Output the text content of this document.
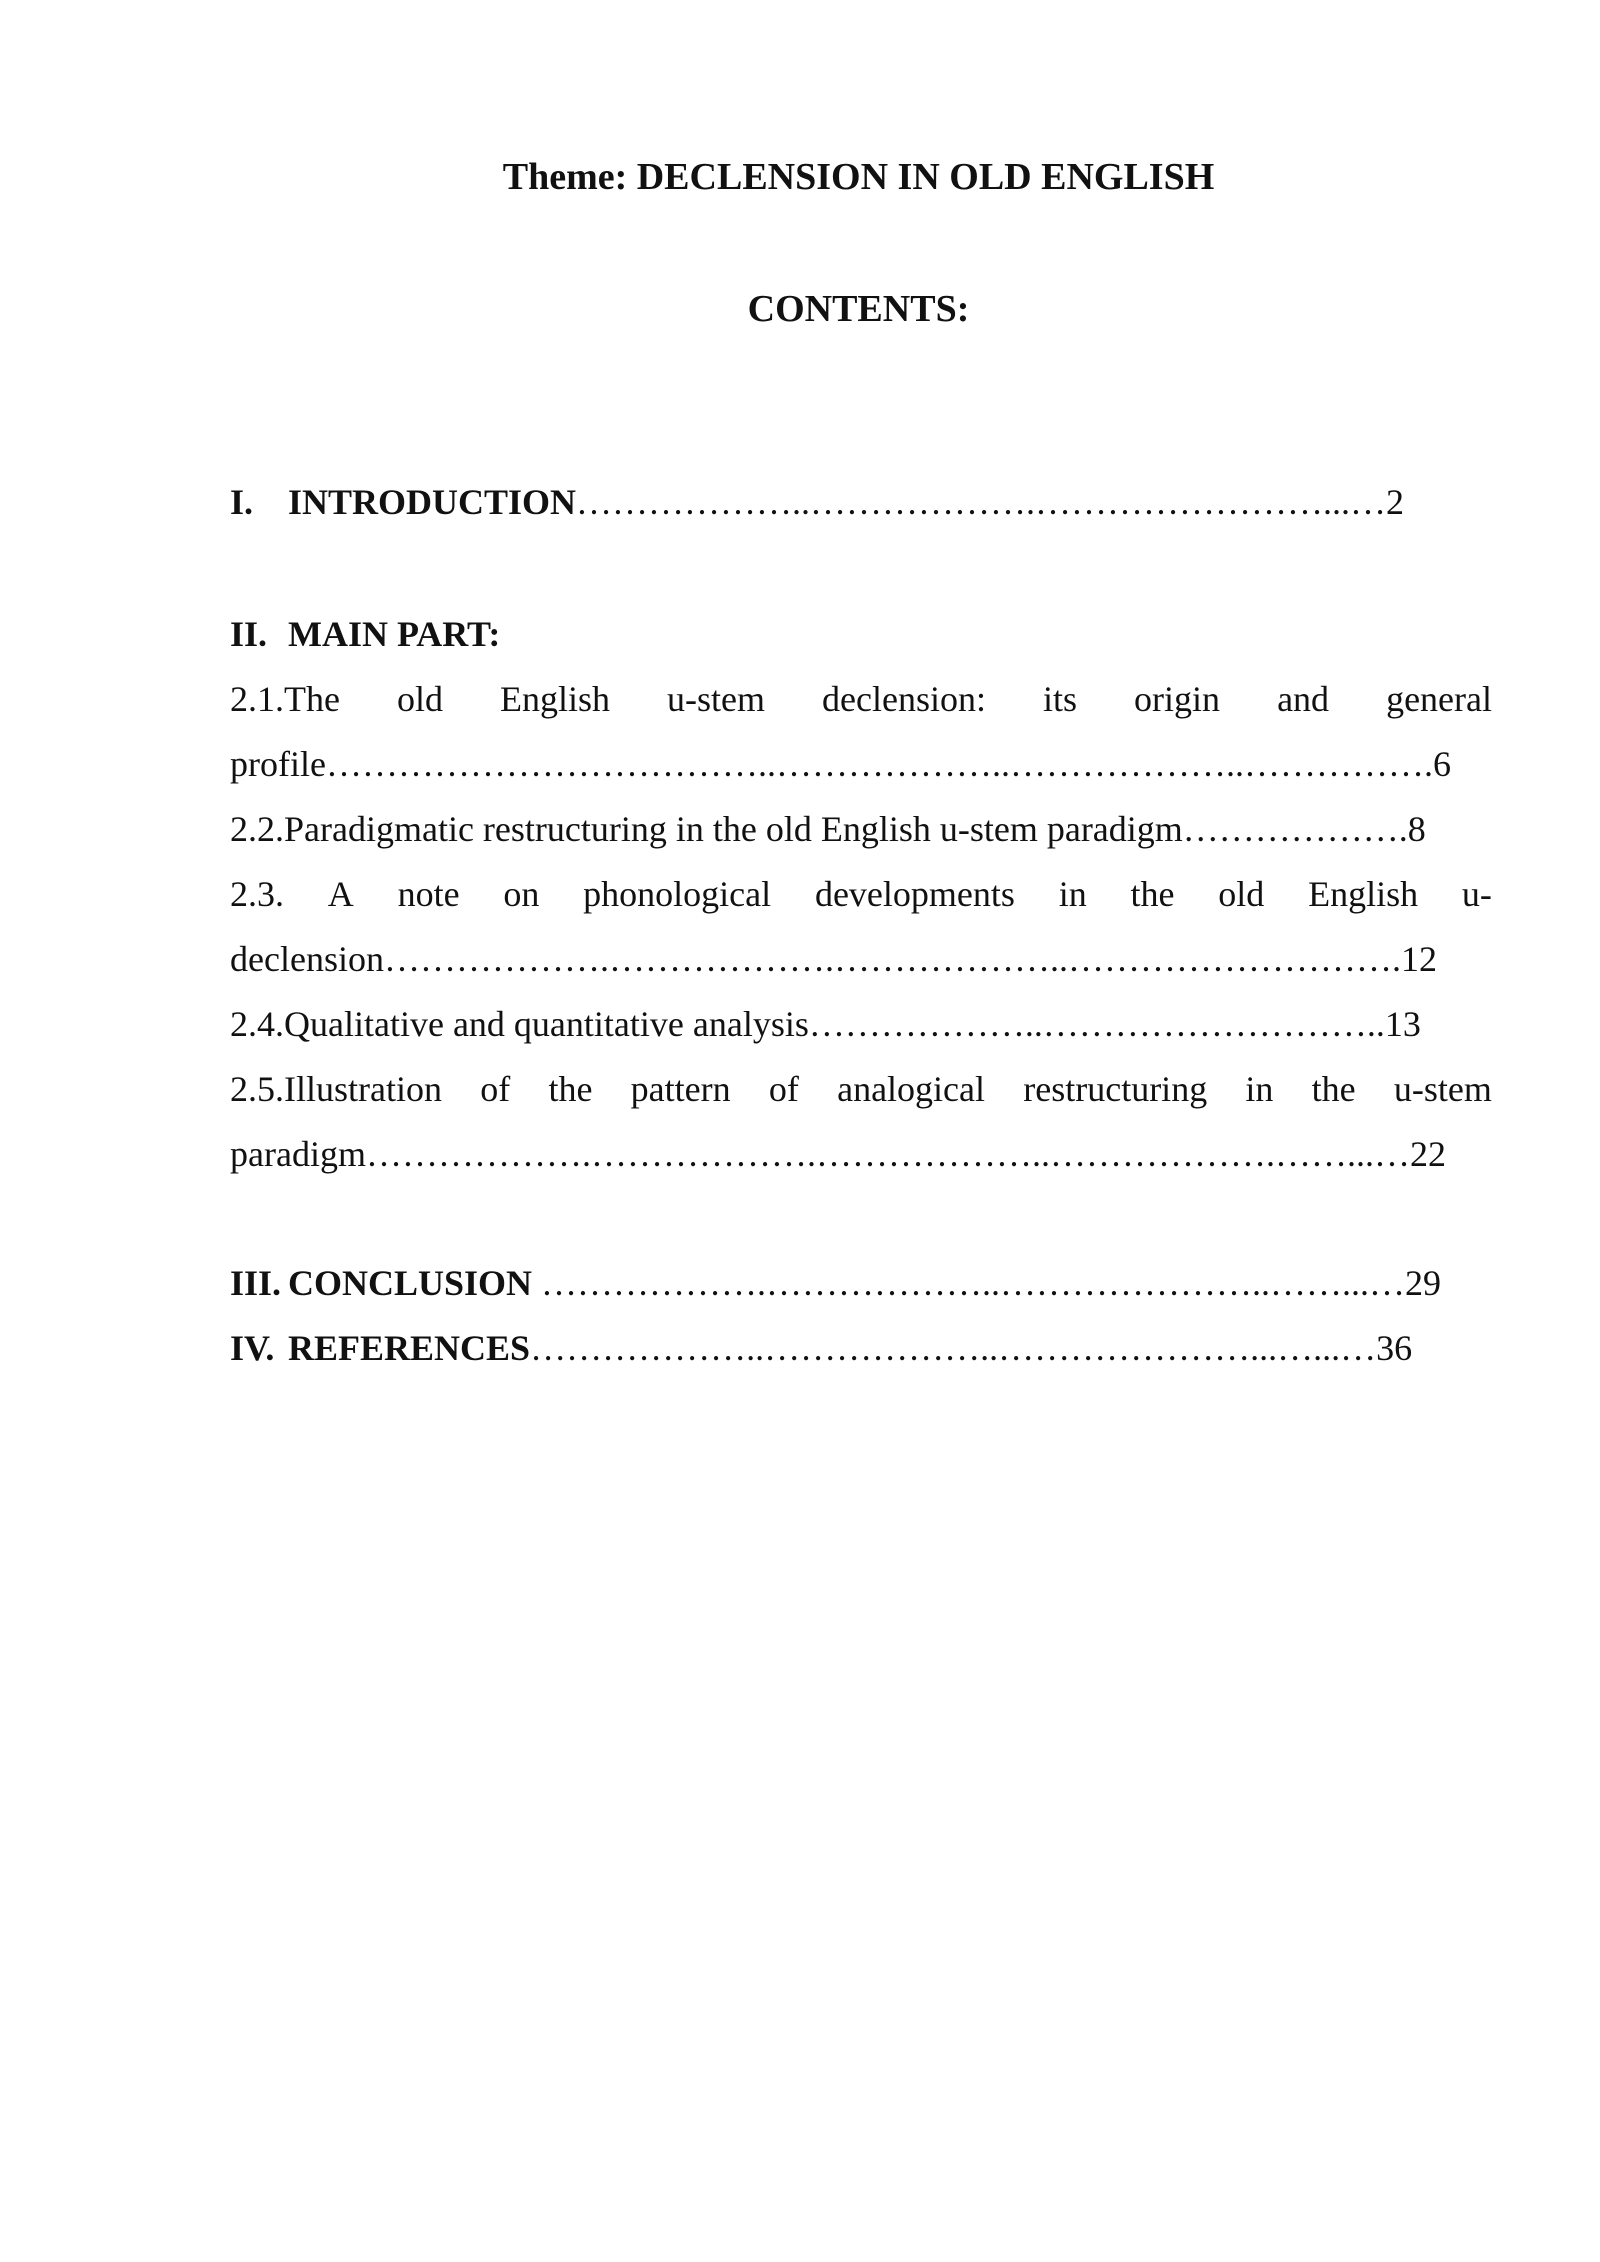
Theme: DECLENSION IN OLD ENGLISH
CONTENTS:
I. INTRODUCTION………………..……………….……………………...…2
II. MAIN PART:
2.1.The old English u-stem declension: its origin and general
profile………………………………..………………..………………..…………….6
2.2.Paradigmatic restructuring in the old English u-stem paradigm……………….8
2.3. A note on phonological developments in the old English u-
declension……………….……………….………………..……………………….12
2.4.Qualitative and quantitative analysis………………..………………………..13
2.5.Illustration of the pattern of analogical restructuring in the u-stem
paradigm……………….……………….………………..……………….……...…22
III. CONCLUSION ……………….………………..…………………..……...…29
IV. REFERENCES………………..………………..…………………...…...…36
